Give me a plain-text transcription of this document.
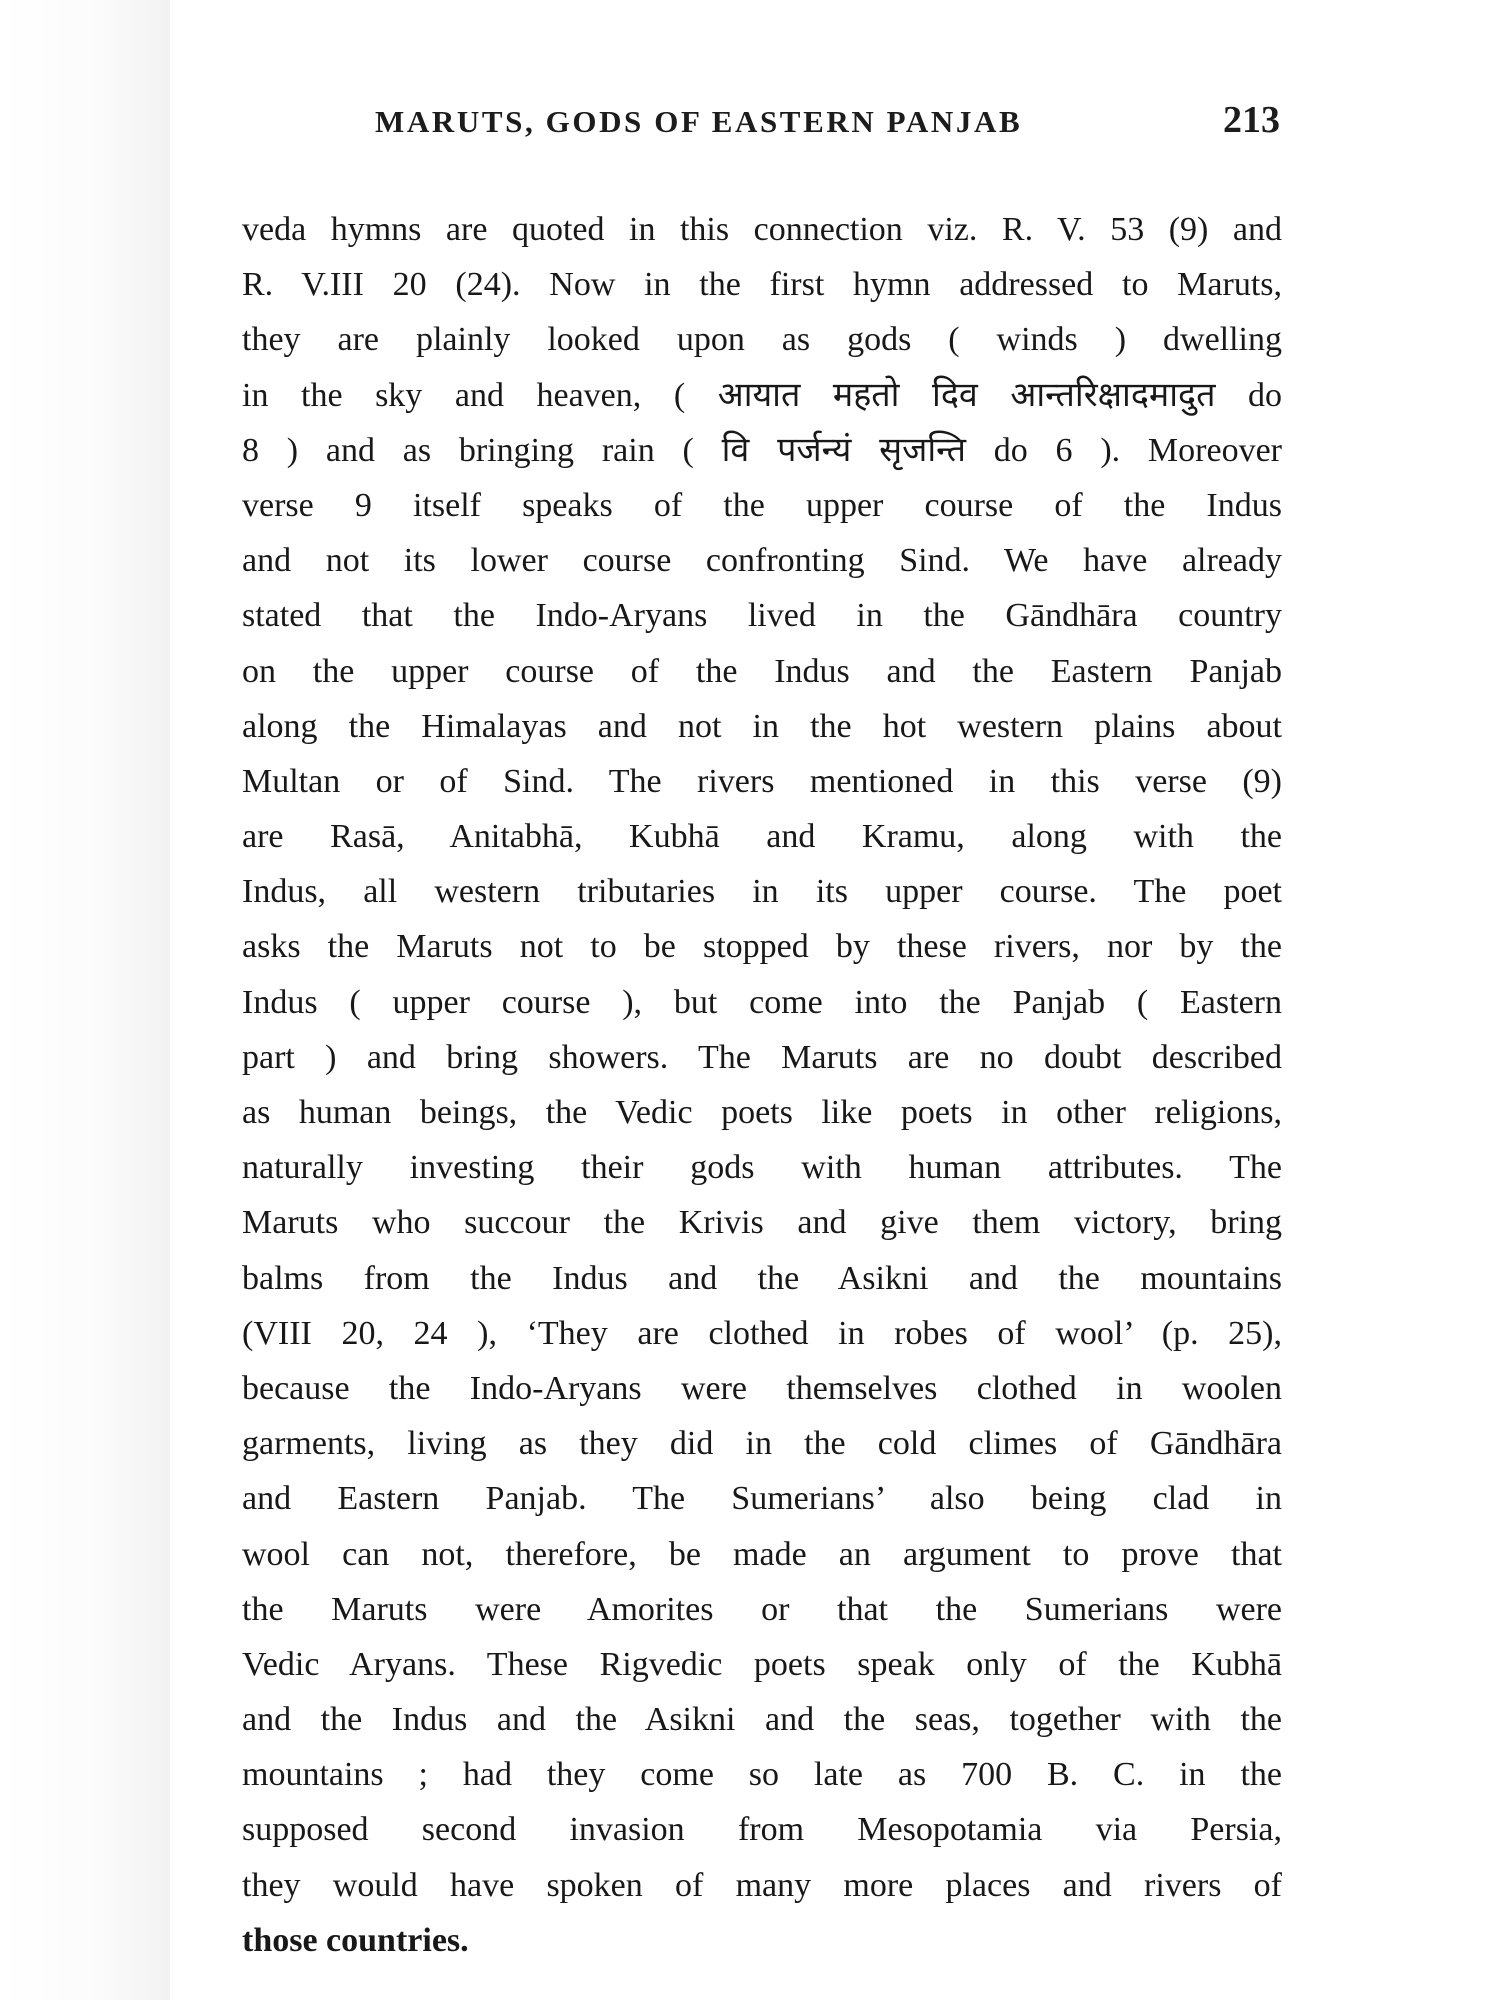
MARUTS, GODS OF EASTERN PANJAB	213
veda hymns are quoted in this connection viz. R. V. 53 (9) and
R. V.III 20 (24). Now in the first hymn addressed to Maruts,
they are plainly looked upon as gods ( winds ) dwelling
in the sky and heaven, ( आयात महतो दिव आन्तरिक्षादमादुत do
8 ) and as bringing rain ( वि पर्जन्यं सृजन्ति do 6 ). Moreover
verse 9 itself speaks of the upper course of the Indus
and not its lower course confronting Sind. We have already
stated that the Indo-Aryans lived in the Gāndhāra country
on the upper course of the Indus and the Eastern Panjab
along the Himalayas and not in the hot western plains about
Multan or of Sind. The rivers mentioned in this verse (9)
are Rasā, Anitabhā, Kubhā and Kramu, along with the
Indus, all western tributaries in its upper course. The poet
asks the Maruts not to be stopped by these rivers, nor by the
Indus ( upper course ), but come into the Panjab ( Eastern
part ) and bring showers. The Maruts are no doubt described
as human beings, the Vedic poets like poets in other religions,
naturally investing their gods with human attributes. The
Maruts who succour the Krivis and give them victory, bring
balms from the Indus and the Asikni and the mountains
(VIII 20, 24 ), ‘They are clothed in robes of wool’ (p. 25),
because the Indo-Aryans were themselves clothed in woolen
garments, living as they did in the cold climes of Gāndhāra
and Eastern Panjab. The Sumerians’ also being clad in
wool can not, therefore, be made an argument to prove that
the Maruts were Amorites or that the Sumerians were
Vedic Aryans. These Rigvedic poets speak only of the Kubhā
and the Indus and the Asikni and the seas, together with the
mountains ; had they come so late as 700 B. C. in the
supposed second invasion from Mesopotamia via Persia,
they would have spoken of many more places and rivers of
those countries.
